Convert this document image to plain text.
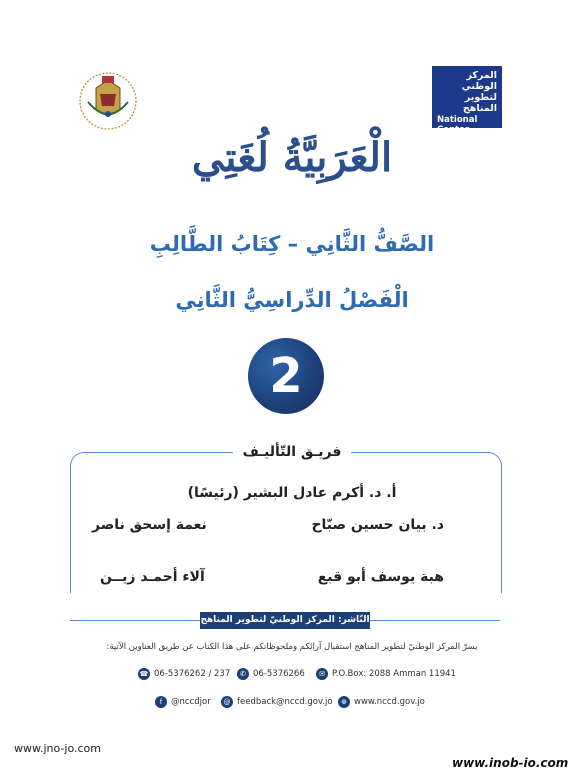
المركز الوطني
لتطوير المناهج
National Center
for Curriculum
Development
الْعَرَبِيَّةُ لُغَتِي
الصَّفُّ الثَّانِي – كِتَابُ الطَّالِبِ
الْفَصْلُ الدِّراسِيُّ الثَّانِي
2
فريـق التّأليـف
أ. د. أكرم عادل البشير (رئيسًا)
د. بيان حسين صبّاح
نعمة إسحق ناصر
هبة يوسف أبو قبع
آلاء أحمـد زيــن
النّاشر: المركز الوطنيّ لتطوير المناهج
يسرّ المركز الوطنيّ لتطوير المناهج استقبال آرائكم وملحوظاتكم على هذا الكتاب عن طريق العناوين الآتية:
☎ 06-5376262 / 237	✆ 06-5376266	✉ P.O.Box: 2088 Amman 11941
f	@nccdjor	@ feedback@nccd.gov.jo	⊕ www.nccd.gov.jo
www.jno-jo.com
www.inob-io.com
